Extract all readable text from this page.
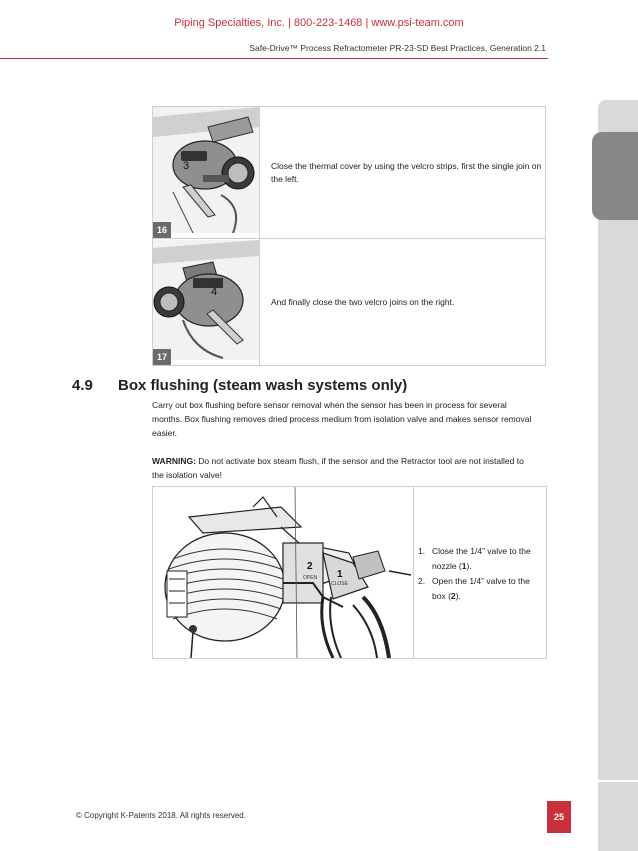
Piping Specialties, Inc. | 800-223-1468 | www.psi-team.com
Safe-Drive™ Process Refractometer PR-23-SD Best Practices, Generation 2.1
3
16	Close the thermal cover by using the velcro strips, first the single join on the left.

4
17	And finally close the two velcro joins on the right.
4.9 Box flushing (steam wash systems only)
Carry out box flushing before sensor removal when the sensor has been in process for several months. Box flushing removes dried process medium from isolation valve and makes sensor removal easier.
WARNING: Do not activate box steam flush, if the sensor and the Retractor tool are not installed to the isolation valve!
2
1
OPEN
CLOSE
1. Close the 1/4” valve to the nozzle (1).
2. Open the 1/4” valve to the box (2).
© Copyright K-Patents 2018. All rights reserved.	25
